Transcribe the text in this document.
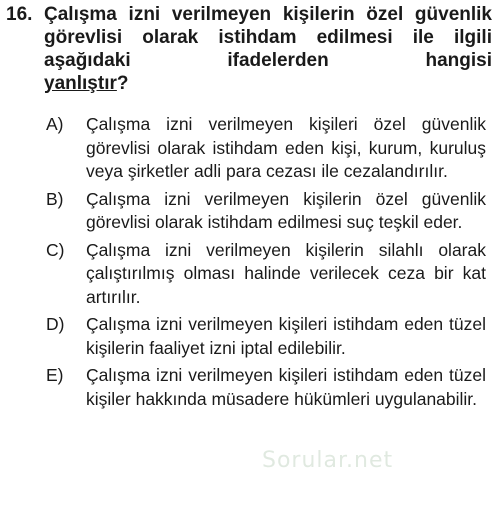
16. Çalışma izni verilmeyen kişilerin özel güvenlik görevlisi olarak istihdam edilmesi ile ilgili aşağıdaki ifadelerden hangisi
yanlıştır?
A)	Çalışma izni verilmeyen kişileri özel güvenlik görevlisi olarak istihdam eden kişi, kurum, kuruluş veya şirketler adli para cezası ile cezalandırılır.
B)	Çalışma izni verilmeyen kişilerin özel güvenlik görevlisi olarak istihdam edilmesi suç teşkil eder.
C)	Çalışma izni verilmeyen kişilerin silahlı olarak çalıştırılmış olması halinde verilecek ceza bir kat artırılır.
D)	Çalışma izni verilmeyen kişileri istihdam eden tüzel kişilerin faaliyet izni iptal edilebilir.
E)	Çalışma izni verilmeyen kişileri istihdam eden tüzel kişiler hakkında müsadere hükümleri uygulanabilir.
Sorular.net
